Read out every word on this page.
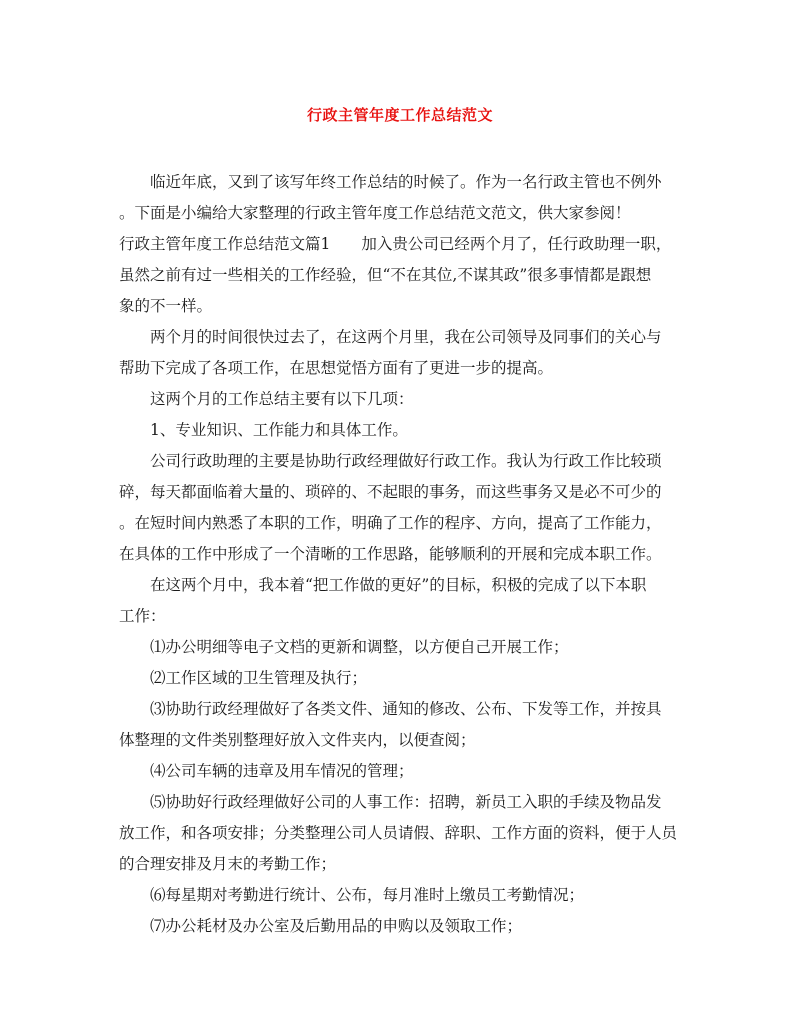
行政主管年度工作总结范文

临近年底，又到了该写年终工作总结的时候了。作为一名行政主管也不例外

。下面是小编给大家整理的行政主管年度工作总结范文范文，供大家参阅！

行政主管年度工作总结范文篇1　　加入贵公司已经两个月了，任行政助理一职，

虽然之前有过一些相关的工作经验，但“不在其位,不谋其政”很多事情都是跟想

象的不一样。

两个月的时间很快过去了，在这两个月里，我在公司领导及同事们的关心与

帮助下完成了各项工作，在思想觉悟方面有了更进一步的提高。

这两个月的工作总结主要有以下几项：

1、专业知识、工作能力和具体工作。

公司行政助理的主要是协助行政经理做好行政工作。我认为行政工作比较琐

碎，每天都面临着大量的、琐碎的、不起眼的事务，而这些事务又是必不可少的

。在短时间内熟悉了本职的工作，明确了工作的程序、方向，提高了工作能力，

在具体的工作中形成了一个清晰的工作思路，能够顺利的开展和完成本职工作。

在这两个月中，我本着“把工作做的更好”的目标，积极的完成了以下本职

工作：

⑴办公明细等电子文档的更新和调整，以方便自己开展工作；

⑵工作区域的卫生管理及执行；

⑶协助行政经理做好了各类文件、通知的修改、公布、下发等工作，并按具

体整理的文件类别整理好放入文件夹内，以便查阅；

⑷公司车辆的违章及用车情况的管理；

⑸协助好行政经理做好公司的人事工作：招聘，新员工入职的手续及物品发

放工作，和各项安排；分类整理公司人员请假、辞职、工作方面的资料，便于人员

的合理安排及月末的考勤工作；

⑹每星期对考勤进行统计、公布，每月准时上缴员工考勤情况；

⑺办公耗材及办公室及后勤用品的申购以及领取工作；
